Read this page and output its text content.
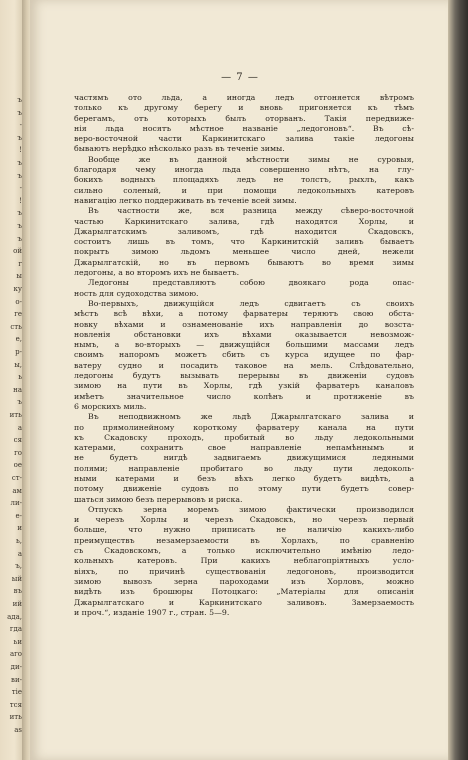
ъ
ъ
-
ъ
!
ъ
ъ
-
!
ъ
ъ
ъ
ой
г
ы
ку
о-
ге
сть
е,
р-
ы,
ь
на
ъ
ить
а
ся
го
ое
ст-
ам
ли-
е-
и
ь,
а
ъ,
ый
въ
ий
ада,
гда
ьи
аго
ди-
ви-
тie
тся
ить
аs
— 7 —
частямъ ото льда, а иногда ледъ отгоняется вѣтромъ
только къ другому берегу и вновь пригоняется къ тѣмъ
берегамъ, отъ которыхъ былъ оторванъ. Такія передвиже-
нія льда носятъ мѣстное названіе „ледогоновъ“. Въ сѣ-
веро-восточной части Каркинитскаго залива такіе ледогоны
бываютъ нерѣдко нѣсколько разъ въ теченіе зимы.
Вообще же въ данной мѣстности зимы не суровыя,
благодаря чему иногда льда совершенно нѣтъ, на глу-
бокихъ водныхъ площадяхъ ледъ не толстъ, рыхлъ, какъ
сильно соленый, и при помощи ледокольныхъ катеровъ
навигацію легко поддерживать въ теченіе всей зимы.
Въ частности же, вся разница между сѣверо-восточной
частью Каркинитскаго залива, гдѣ находятся Хорлы, и
Джарылгатскимъ заливомъ, гдѣ находится Скадовскъ,
состоитъ лишь въ томъ, что Каркинитскій заливъ бываетъ
покрытъ зимою льдомъ меньшее число дней, нежели
Джарылгатскій, но въ первомъ бываютъ во время зимы
ледогоны, а во второмъ ихъ не бываетъ.
Ледогоны представляютъ собою двоякаго рода опас-
ность для судоходства зимою.
Во-первыхъ, движущійся ледъ сдвигаетъ съ своихъ
мѣстъ всѣ вѣхи, а потому фарватеры теряютъ свою обста-
новку вѣхами и ознаменованіе ихъ направленія до возста-
новленія обстановки ихъ вѣхами оказывается невозмож-
нымъ, а во-вторыхъ — движущійся большими массами ледъ
своимъ напоромъ можетъ сбить съ курса идущее по фар-
ватеру судно и посадить таковое на мель. Слѣдовательно,
ледогоны будутъ вызывать перерывы въ движеніи судовъ
зимою на пути въ Хорлы, гдѣ узкій фарватеръ каналовъ
имѣетъ значительное число колѣнъ и протяженіе въ
6 морскихъ миль.
Въ неподвижномъ же льдѣ Джарылгатскаго залива и
по прямолинейному короткому фарватеру канала на пути
къ Скадовску проходъ, пробитый во льду ледокольными
катерами, сохранитъ свое направленіе непамѣннымъ и
не будетъ нигдѣ задвигаемъ движущимися ледяными
полями; направленіе пробитаго во льду пути ледоколь-
ными катерами и безъ вѣхъ легко будетъ видѣть, а
потому движеніе судовъ по этому пути будетъ совер-
шаться зимою безъ перерывовъ и риска.
Отпускъ зерна моремъ зимою фактически производился
и черезъ Хорлы и черезъ Скадовскъ, но черезъ первый
больше, что нужно приписать не наличію какихъ-либо
преимуществъ незамерзаемости въ Хорлахъ, по сравненію
съ Скадовскомъ, а только исключительно имѣнію ледо-
кольныхъ катеровъ. При какихъ неблагопріятныхъ усло-
віяхъ, по причинѣ существованія ледогоновъ, производится
зимою вывозъ зерна пароходами изъ Хорловъ, можно
видѣть изъ брошюры Потоцкаго: „Матеріалы для описанія
Джарылгатскаго и Каркинитскаго заливовъ. Замерзаемость
и проч.“, изданіе 1907 г., стран. 5—9.
